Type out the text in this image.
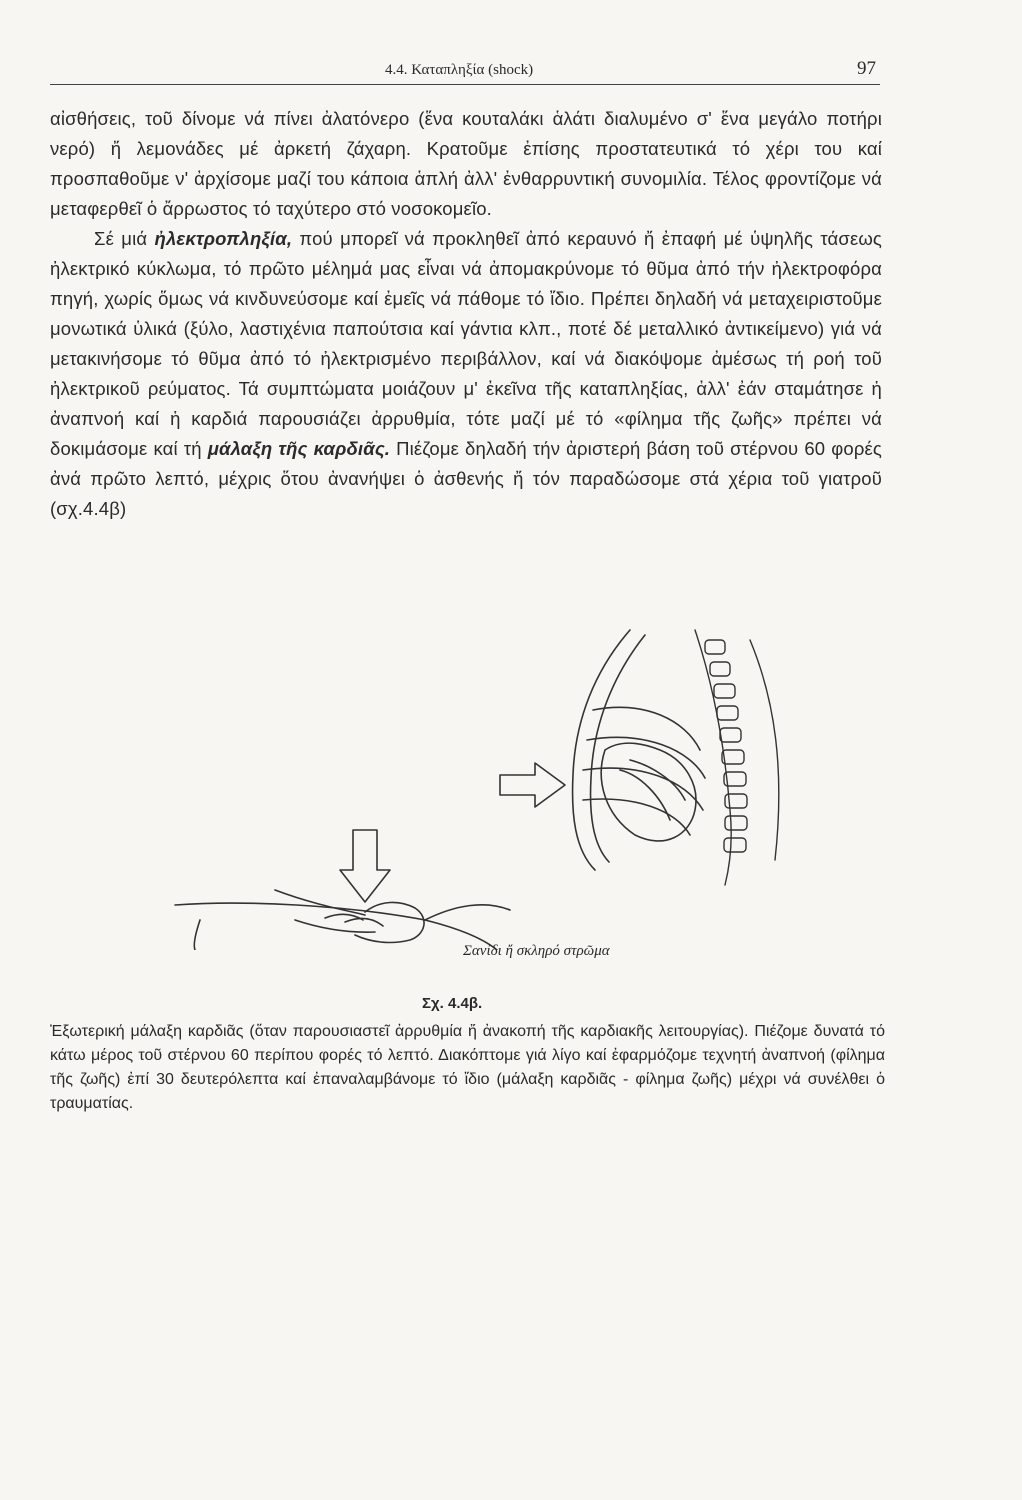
4.4. Καταπληξία (shock)	97

αἰσθήσεις, τοῦ δίνομε νά πίνει ἀλατόνερο (ἕνα κουταλάκι ἁλάτι διαλυμένο σ' ἕνα μεγάλο ποτήρι νερό) ἤ λεμονάδες μέ ἀρκετή ζάχαρη. Κρατοῦμε ἐπίσης προστατευτικά τό χέρι του καί προσπαθοῦμε ν' ἀρχίσομε μαζί του κάποια ἁπλή ἀλλ' ἐνθαρρυντική συνομιλία. Τέλος φροντίζομε νά μεταφερθεῖ ὁ ἄρρωστος τό ταχύτερο στό νοσοκομεῖο.

Σέ μιά ἠλεκτροπληξία, πού μπορεῖ νά προκληθεῖ ἀπό κεραυνό ἤ ἐπαφή μέ ὑψηλῆς τάσεως ἠλεκτρικό κύκλωμα, τό πρῶτο μέλημά μας εἶναι νά ἀπομακρύνομε τό θῦμα ἀπό τήν ἠλεκτροφόρα πηγή, χωρίς ὅμως νά κινδυνεύσομε καί ἐμεῖς νά πάθομε τό ἴδιο. Πρέπει δηλαδή νά μεταχειριστοῦμε μονωτικά ὑλικά (ξύλο, λαστιχένια παπούτσια καί γάντια κλπ., ποτέ δέ μεταλλικό ἀντικείμενο) γιά νά μετακινήσομε τό θῦμα ἀπό τό ἠλεκτρισμένο περιβάλλον, καί νά διακόψομε ἀμέσως τή ροή τοῦ ἠλεκτρικοῦ ρεύματος. Τά συμπτώματα μοιάζουν μ' ἐκεῖνα τῆς καταπληξίας, ἀλλ' ἐάν σταμάτησε ἡ ἀναπνοή καί ἡ καρδιά παρουσιάζει ἀρρυθμία, τότε μαζί μέ τό «φίλημα τῆς ζωῆς» πρέπει νά δοκιμάσομε καί τή μάλαξη τῆς καρδιᾶς. Πιέζομε δηλαδή τήν ἀριστερή βάση τοῦ στέρνου 60 φορές ἀνά πρῶτο λεπτό, μέχρις ὅτου ἀνανήψει ὁ ἀσθενής ἤ τόν παραδώσομε στά χέρια τοῦ γιατροῦ (σχ.4.4β)

Σανίδι ἤ σκληρό στρῶμα
Σχ. 4.4β.
Ἐξωτερική μάλαξη καρδιᾶς (ὅταν παρουσιαστεῖ ἀρρυθμία ἤ ἀνακοπή τῆς καρδιακῆς λειτουργίας). Πιέζομε δυνατά τό κάτω μέρος τοῦ στέρνου 60 περίπου φορές τό λεπτό. Διακόπτομε γιά λίγο καί ἐφαρμόζομε τεχνητή ἀναπνοή (φίλημα τῆς ζωῆς) ἐπί 30 δευτερόλεπτα καί ἐπαναλαμβάνομε τό ἴδιο (μάλαξη καρδιᾶς - φίλημα ζωῆς) μέχρι νά συνέλθει ὁ τραυματίας.
